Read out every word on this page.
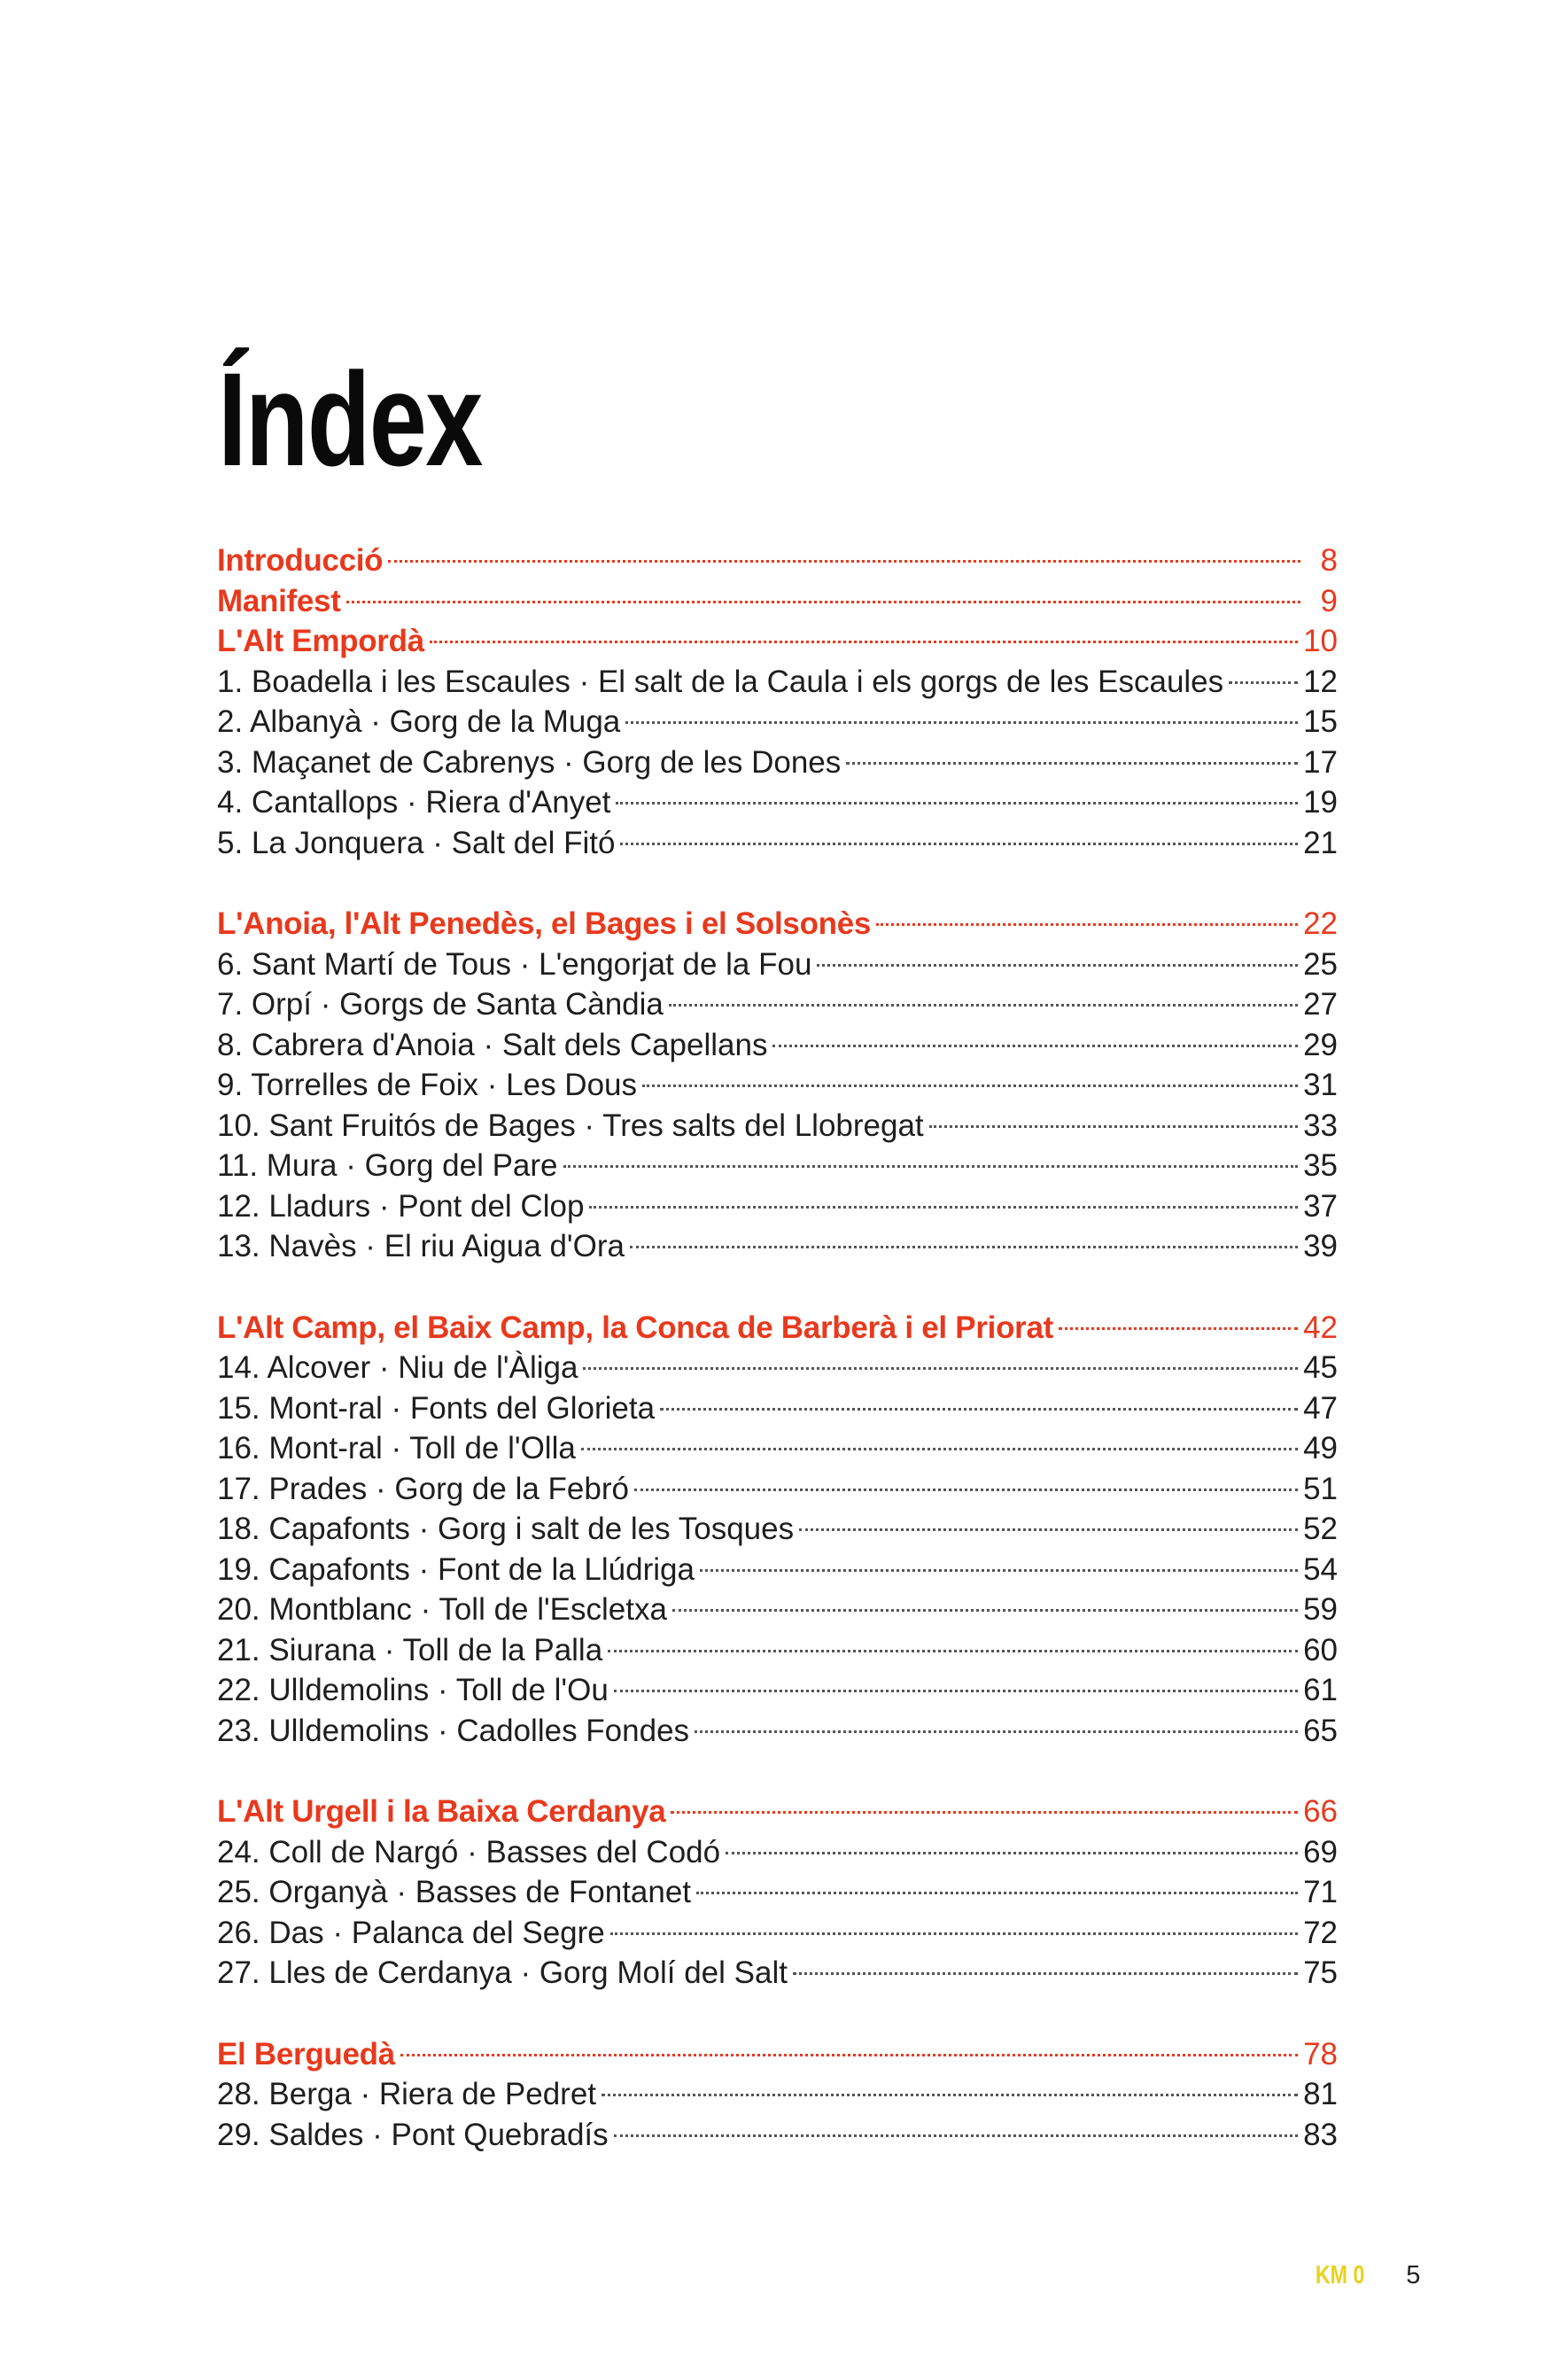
Índex
Introducció	8
Manifest	9
L'Alt Empordà	10
1. Boadella i les Escaules · El salt de la Caula i els gorgs de les Escaules	12
2. Albanyà · Gorg de la Muga	15
3. Maçanet de Cabrenys · Gorg de les Dones	17
4. Cantallops · Riera d'Anyet	19
5. La Jonquera · Salt del Fitó	21
L'Anoia, l'Alt Penedès, el Bages i el Solsonès	22
6. Sant Martí de Tous · L'engorjat de la Fou	25
7. Orpí · Gorgs de Santa Càndia	27
8. Cabrera d'Anoia · Salt dels Capellans	29
9. Torrelles de Foix · Les Dous	31
10. Sant Fruitós de Bages · Tres salts del Llobregat	33
11. Mura · Gorg del Pare	35
12. Lladurs · Pont del Clop	37
13. Navès · El riu Aigua d'Ora	39
L'Alt Camp, el Baix Camp, la Conca de Barberà i el Priorat	42
14. Alcover · Niu de l'Àliga	45
15. Mont-ral · Fonts del Glorieta	47
16. Mont-ral · Toll de l'Olla	49
17. Prades · Gorg de la Febró	51
18. Capafonts · Gorg i salt de les Tosques	52
19. Capafonts · Font de la Llúdriga	54
20. Montblanc · Toll de l'Escletxa	59
21. Siurana · Toll de la Palla	60
22. Ulldemolins · Toll de l'Ou	61
23. Ulldemolins · Cadolles Fondes	65
L'Alt Urgell i la Baixa Cerdanya	66
24. Coll de Nargó · Basses del Codó	69
25. Organyà · Basses de Fontanet	71
26. Das · Palanca del Segre	72
27. Lles de Cerdanya · Gorg Molí del Salt	75
El Berguedà	78
28. Berga · Riera de Pedret	81
29. Saldes · Pont Quebradís	83
KM 0 5
